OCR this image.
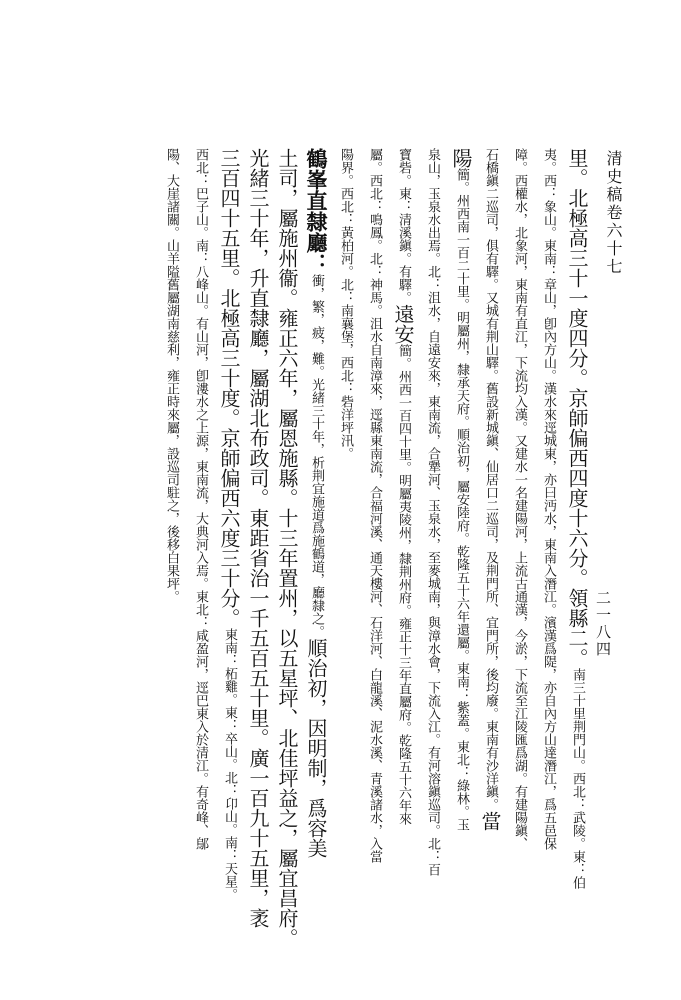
清史稿卷六十七
二一八四
里。北極高三十一度四分。京師偏西四度十六分。領縣二。南三十里荆門山。西北：武陵。東：伯
夷。西：象山。東南：章山，卽內方山。漢水來逕城東，亦曰沔水，東南入潛江。濱漢爲隄，亦自內方山達潛江，爲五邑保
障。西權水，北象河，東南有直江，下流均入漢。又建水一名建陽河，上流古通漢，今淤，下流至江陵匯爲湖。有建陽鎭、
石橋鎭二巡司，俱有驛。又城有荆山驛。舊設新城鎭、仙居口二巡司，及荆門所、宜門所，後均廢。東南有沙洋鎭。當
陽簡。州西南一百二十里。明屬州，隸承天府。順治初，屬安陸府。乾隆五十六年還屬。東南：紫蓋。東北：綠林。玉
泉山，玉泉水出焉。北：沮水，自遠安來，東南流，合犟河、玉泉水，至麥城南，與漳水會，下流入江。有河溶鎭巡司。北：百
寶砦。東：清溪鎭。有驛。遠安簡。州西一百四十里。明屬夷陵州，隸荆州府。雍正十三年直屬府。乾隆五十六年來
屬。西北：鳴鳳。北：神馬。沮水自南漳來，逕縣東南流，合福河溪、通天樓河、石洋河、白龍溪、泥水溪、青溪諸水，入當
陽界。西北：黃柏河。北：南襄堡，西北：砦洋坪汛。
鶴峯直隸廳：衝，繁，疲，難。光緒三十年，析荆宜施道爲施鶴道，廳隸之。順治初，因明制，爲容美
土司，屬施州衞。雍正六年，屬恩施縣。十三年置州，以五星坪、北佳坪益之，屬宜昌府。
光緒三十年，升直隸廳，屬湖北布政司。東距省治一千五百五十里。廣一百九十五里，袤
三百四十五里。北極高三十度。京師偏西六度三十分。東南：柘雞。東：卒山。北：卬山。南：天星。
西北：巴子山。南：八峰山。有山河，卽漊水之上源，東南流，大典河入焉。東北：咸盈河，逕巴東入於清江。有奇峰、鄔
陽、大崖諸關。山羊隘舊屬湖南慈利，雍正時來屬，設巡司駐之，後移白果坪。
